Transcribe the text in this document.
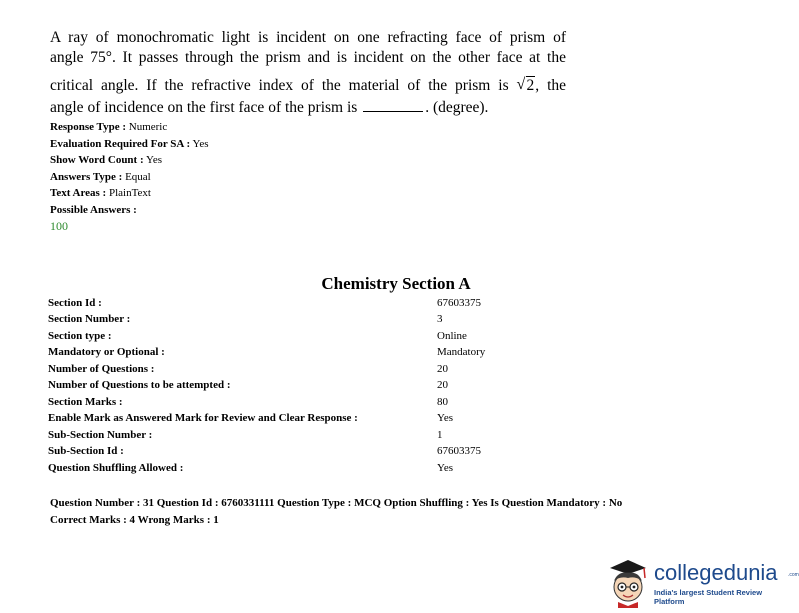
A ray of monochromatic light is incident on one refracting face of prism of
angle 75°. It passes through the prism and is incident on the other face at the
critical angle. If the refractive index of the material of the prism is √ 2, the
angle of incidence on the first face of the prism is	. (degree).
Response Type : Numeric
Evaluation Required For SA : Yes
Show Word Count : Yes
Answers Type : Equal
Text Areas : PlainText
Possible Answers :
100
Chemistry Section A
Section Id :	67603375
Section Number :	3
Section type :	Online
Mandatory or Optional :	Mandatory
Number of Questions :	20
Number of Questions to be attempted :	20
Section Marks :	80
Enable Mark as Answered Mark for Review and Clear Response :	Yes
Sub-Section Number :	1
Sub-Section Id :	67603375
Question Shuffling Allowed :	Yes
Question Number : 31 Question Id : 6760331111 Question Type : MCQ Option Shuffling : Yes Is Question Mandatory : No
Correct Marks : 4 Wrong Marks : 1
collegedunia .com
India's largest Student Review Platform
